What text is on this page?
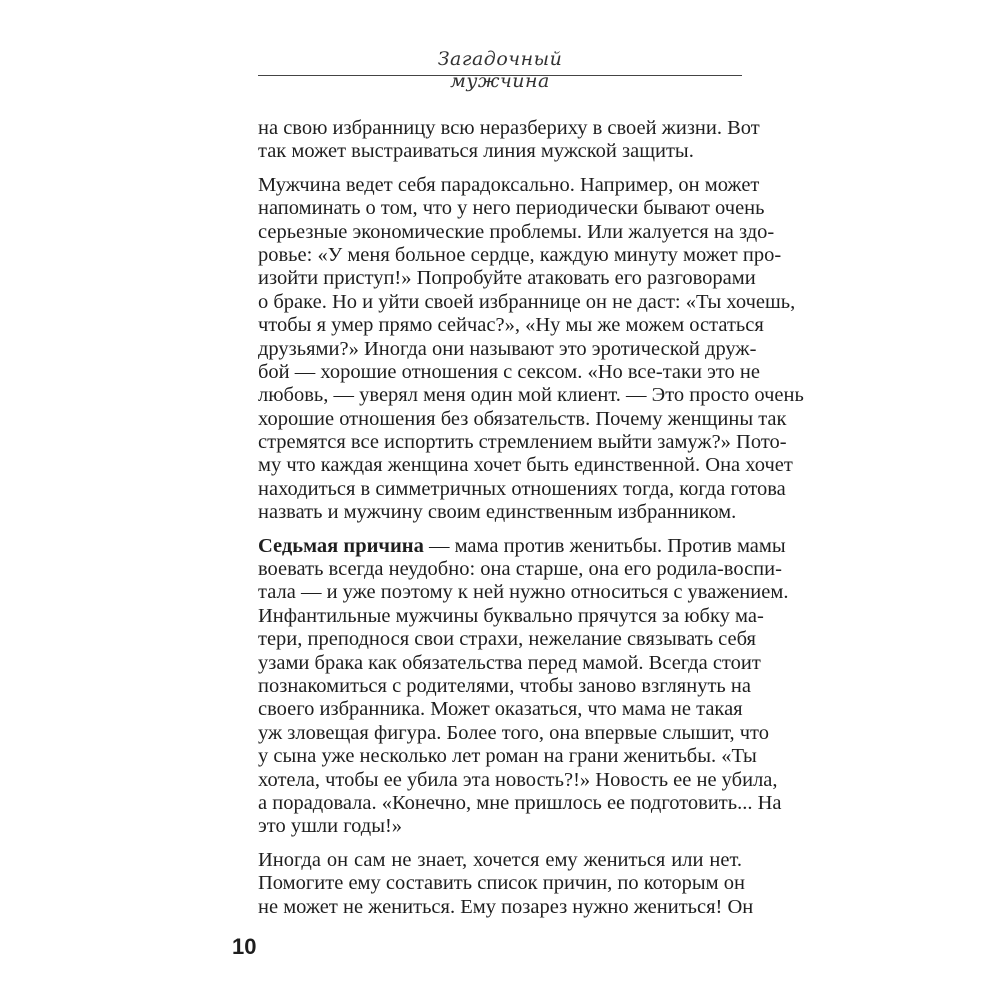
Загадочный мужчина
на свою избранницу всю неразбериху в своей жизни. Вот
так может выстраиваться линия мужской защиты.
Мужчина ведет себя парадоксально. Например, он может
напоминать о том, что у него периодически бывают очень
серьезные экономические проблемы. Или жалуется на здо-
ровье: «У меня больное сердце, каждую минуту может про-
изойти приступ!» Попробуйте атаковать его разговорами
о браке. Но и уйти своей избраннице он не даст: «Ты хочешь,
чтобы я умер прямо сейчас?», «Ну мы же можем остаться
друзьями?» Иногда они называют это эротической друж-
бой — хорошие отношения с сексом. «Но все-таки это не
любовь, — уверял меня один мой клиент. — Это просто очень
хорошие отношения без обязательств. Почему женщины так
стремятся все испортить стремлением выйти замуж?» Пото-
му что каждая женщина хочет быть единственной. Она хочет
находиться в симметричных отношениях тогда, когда готова
назвать и мужчину своим единственным избранником.
Седьмая причина — мама против женитьбы. Против мамы
воевать всегда неудобно: она старше, она его родила-воспи-
тала — и уже поэтому к ней нужно относиться с уважением.
Инфантильные мужчины буквально прячутся за юбку ма-
тери, преподнося свои страхи, нежелание связывать себя
узами брака как обязательства перед мамой. Всегда стоит
познакомиться с родителями, чтобы заново взглянуть на
своего избранника. Может оказаться, что мама не такая
уж зловещая фигура. Более того, она впервые слышит, что
у сына уже несколько лет роман на грани женитьбы. «Ты
хотела, чтобы ее убила эта новость?!» Новость ее не убила,
а порадовала. «Конечно, мне пришлось ее подготовить... На
это ушли годы!»
Иногда он сам не знает, хочется ему жениться или нет.
Помогите ему составить список причин, по которым он
не может не жениться. Ему позарез нужно жениться! Он
10
